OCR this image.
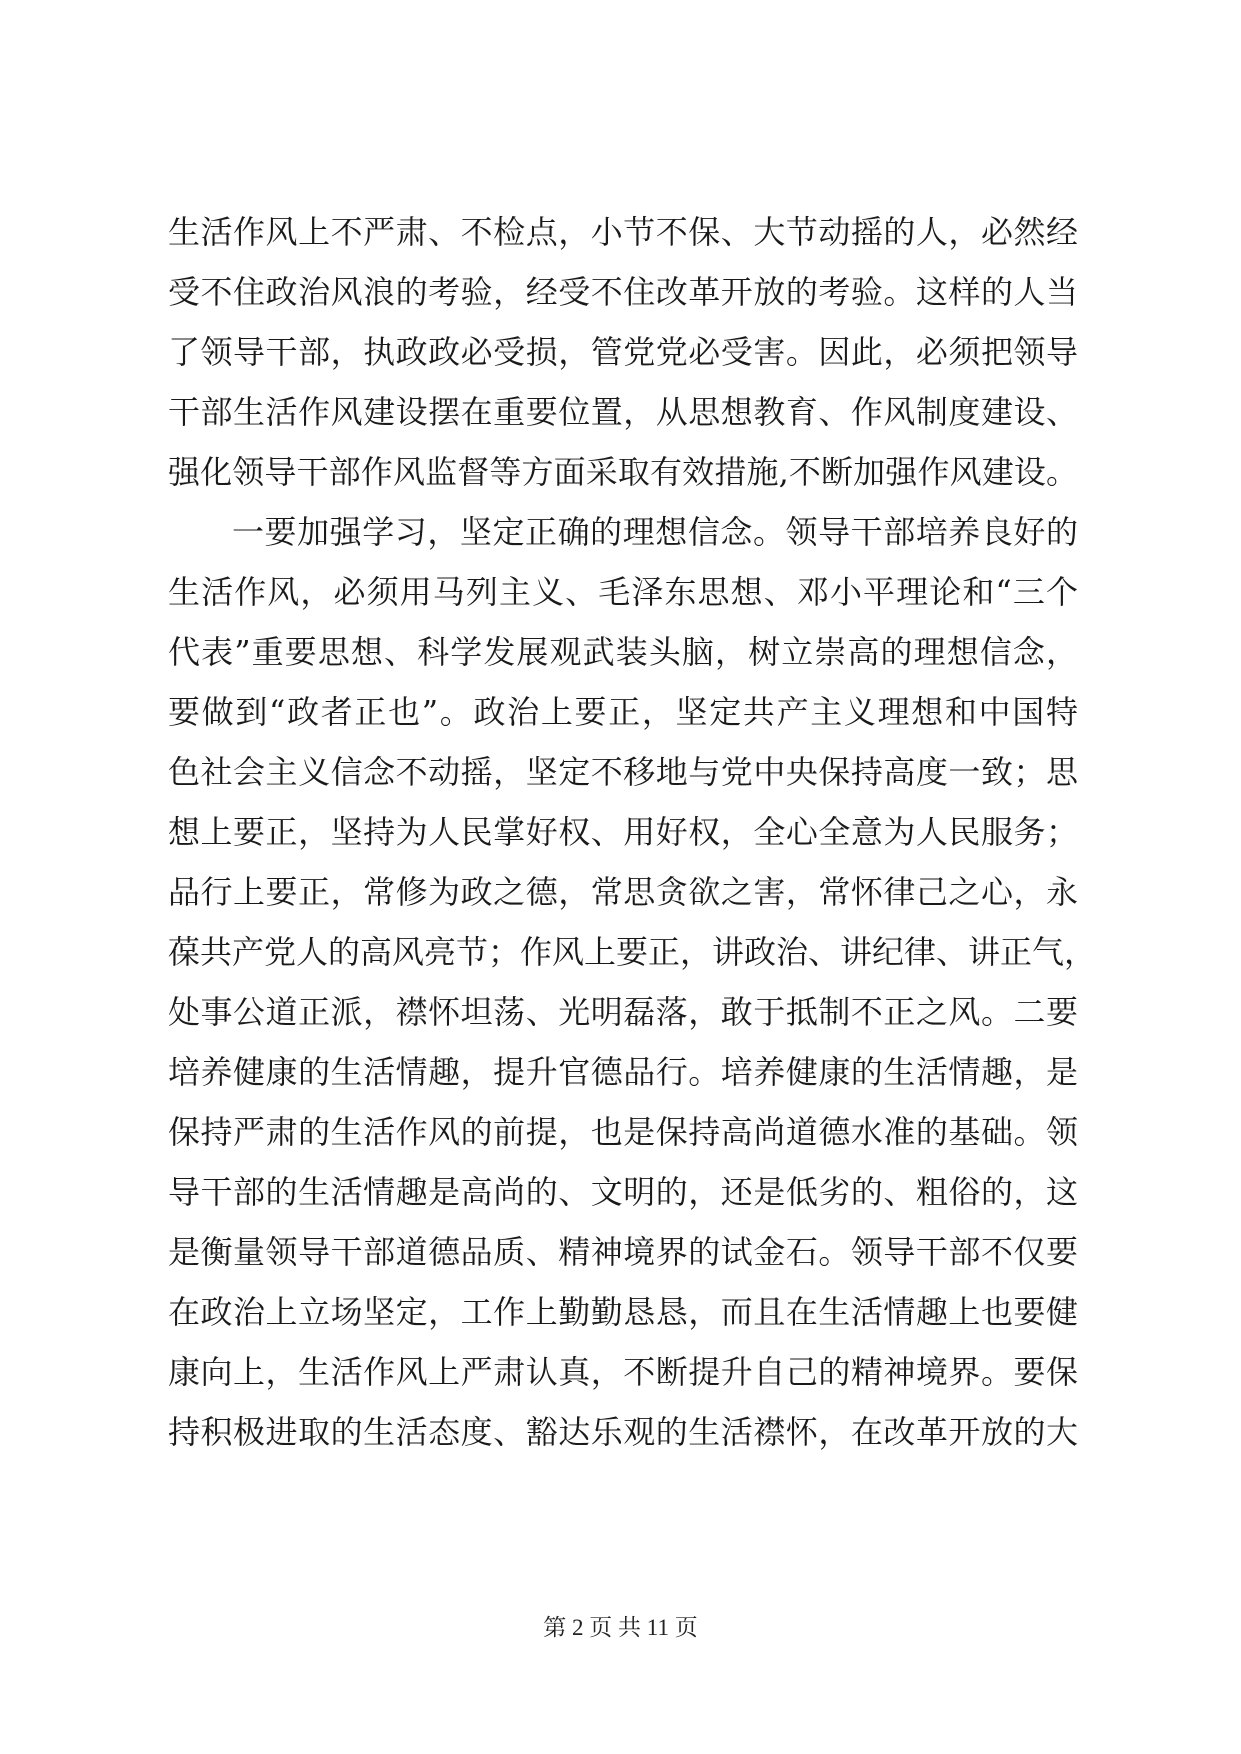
生活作风上不严肃、不检点，小节不保、大节动摇的人，必然经
受不住政治风浪的考验，经受不住改革开放的考验。这样的人当
了领导干部，执政政必受损，管党党必受害。因此，必须把领导
干部生活作风建设摆在重要位置，从思想教育、作风制度建设、
强化领导干部作风监督等方面采取有效措施,不断加强作风建设。
一要加强学习，坚定正确的理想信念。领导干部培养良好的
生活作风，必须用马列主义、毛泽东思想、邓小平理论和“三个
代表”重要思想、科学发展观武装头脑，树立崇高的理想信念，
要做到“政者正也”。政治上要正，坚定共产主义理想和中国特
色社会主义信念不动摇，坚定不移地与党中央保持高度一致；思
想上要正，坚持为人民掌好权、用好权，全心全意为人民服务；
品行上要正，常修为政之德，常思贪欲之害，常怀律己之心，永
葆共产党人的高风亮节；作风上要正，讲政治、讲纪律、讲正气，
处事公道正派，襟怀坦荡、光明磊落，敢于抵制不正之风。二要
培养健康的生活情趣，提升官德品行。培养健康的生活情趣，是
保持严肃的生活作风的前提，也是保持高尚道德水准的基础。领
导干部的生活情趣是高尚的、文明的，还是低劣的、粗俗的，这
是衡量领导干部道德品质、精神境界的试金石。领导干部不仅要
在政治上立场坚定，工作上勤勤恳恳，而且在生活情趣上也要健
康向上，生活作风上严肃认真，不断提升自己的精神境界。要保
持积极进取的生活态度、豁达乐观的生活襟怀，在改革开放的大
第 2 页 共 11 页
